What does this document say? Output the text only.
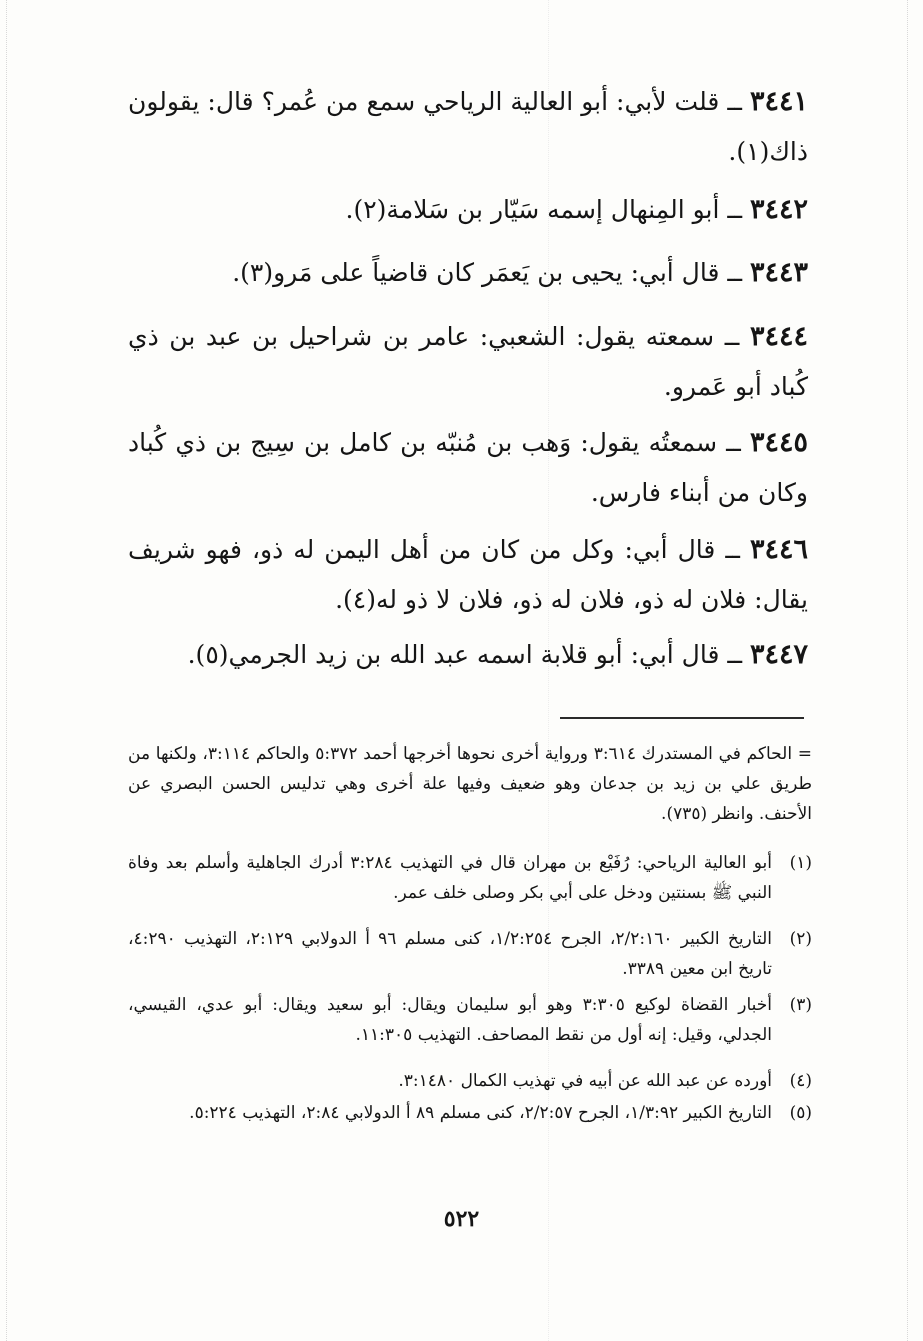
٣٤٤١ ــ قلت لأبي: أبو العالية الرياحي سمع من عُمر؟ قال: يقولون ذاك(١).
٣٤٤٢ ــ أبو المِنهال إسمه سَيّار بن سَلامة(٢).
٣٤٤٣ ــ قال أبي: يحيى بن يَعمَر كان قاضياً على مَرو(٣).
٣٤٤٤ ــ سمعته يقول: الشعبي: عامر بن شراحيل بن عبد بن ذي كُباد أبو عَمرو.
٣٤٤٥ ــ سمعتُه يقول: وَهب بن مُنبّه بن كامل بن سِيج بن ذي كُباد وكان من أبناء فارس.
٣٤٤٦ ــ قال أبي: وكل من كان من أهل اليمن له ذو، فهو شريف يقال: فلان له ذو، فلان له ذو، فلان لا ذو له(٤).
٣٤٤٧ ــ قال أبي: أبو قلابة اسمه عبد الله بن زيد الجرمي(٥).
= الحاكم في المستدرك ٣:٦١٤ ورواية أخرى نحوها أخرجها أحمد ٥:٣٧٢ والحاكم ٣:١١٤، ولكنها من طريق علي بن زيد بن جدعان وهو ضعيف وفيها علة أخرى وهي تدليس الحسن البصري عن الأحنف. وانظر (٧٣٥).
(١)
أبو العالية الرياحي: رُفَيْع بن مهران قال في التهذيب ٣:٢٨٤ أدرك الجاهلية وأسلم بعد وفاة النبي ﷺ بسنتين ودخل على أبي بكر وصلى خلف عمر.
(٢)
التاريخ الكبير ٢/٢:١٦٠، الجرح ١/٢:٢٥٤، كنى مسلم ٩٦ أ الدولابي ٢:١٢٩، التهذيب ٤:٢٩٠، تاريخ ابن معين ٣٣٨٩.
(٣)
أخبار القضاة لوكيع ٣:٣٠٥ وهو أبو سليمان ويقال: أبو سعيد ويقال: أبو عدي، القيسي، الجدلي، وقيل: إنه أول من نقط المصاحف. التهذيب ١١:٣٠٥.
(٤)
أورده عن عبد الله عن أبيه في تهذيب الكمال ٣:١٤٨٠.
(٥)
التاريخ الكبير ١/٣:٩٢، الجرح ٢/٢:٥٧، كنى مسلم ٨٩ أ الدولابي ٢:٨٤، التهذيب ٥:٢٢٤.
٥٢٢
